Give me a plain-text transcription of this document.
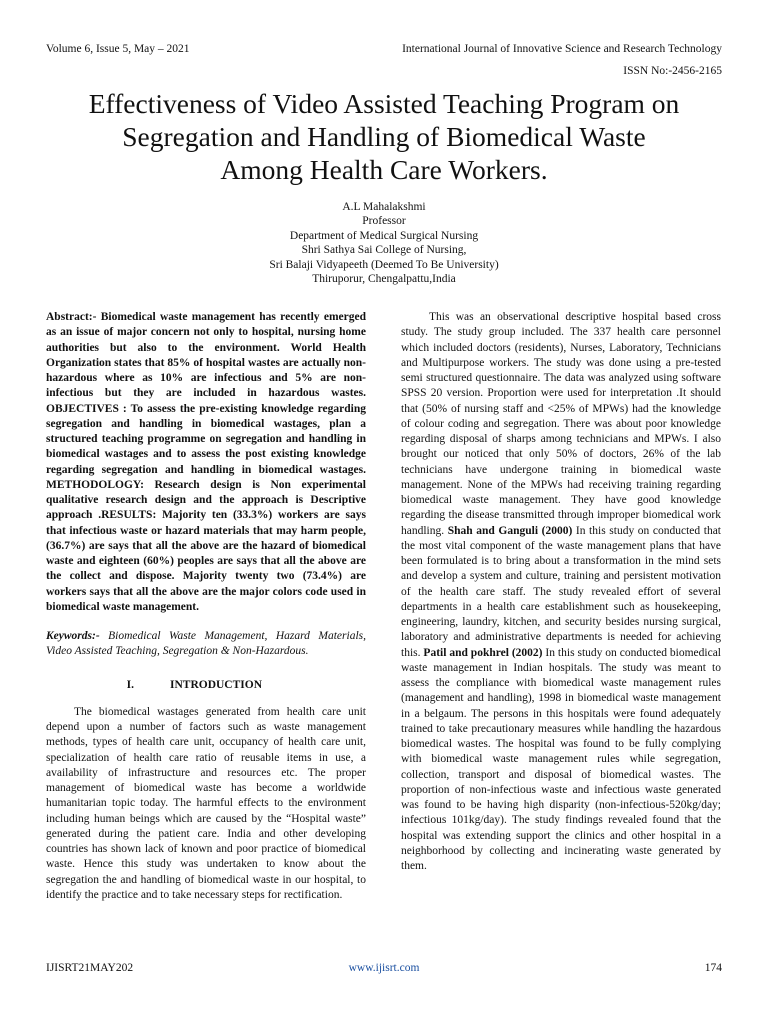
Volume 6, Issue 5, May – 2021	International Journal of Innovative Science and Research Technology
ISSN No:-2456-2165
Effectiveness of Video Assisted Teaching Program on
Segregation and Handling of Biomedical Waste
Among Health Care Workers.
A.L Mahalakshmi
Professor
Department of Medical Surgical Nursing
Shri Sathya Sai College of Nursing,
Sri Balaji Vidyapeeth (Deemed To Be University)
Thiruporur, Chengalpattu,India

Abstract:- Biomedical waste management has recently emerged as an issue of major concern not only to hospital, nursing home authorities but also to the environment. World Health Organization states that 85% of hospital wastes are actually non-hazardous where as 10% are infectious and 5% are non-infectious but they are included in hazardous wastes. OBJECTIVES : To assess the pre-existing knowledge regarding segregation and handling in biomedical wastages, plan a structured teaching programme on segregation and handling in biomedical wastages and to assess the post existing knowledge regarding segregation and handling in biomedical wastages. METHODOLOGY: Research design is Non experimental qualitative research design and the approach is Descriptive approach .RESULTS: Majority ten (33.3%) workers are says that infectious waste or hazard materials that may harm people, (36.7%) are says that all the above are the hazard of biomedical waste and eighteen (60%) peoples are says that all the above are the collect and dispose. Majority twenty two (73.4%) are workers says that all the above are the major colors code used in biomedical waste management.

Keywords:- Biomedical Waste Management, Hazard Materials, Video Assisted Teaching, Segregation & Non-Hazardous.

I.	INTRODUCTION

The biomedical wastages generated from health care unit depend upon a number of factors such as waste management methods, types of health care unit, occupancy of health care unit, specialization of health care ratio of reusable items in use, a availability of infrastructure and resources etc. The proper management of biomedical waste has become a worldwide humanitarian topic today. The harmful effects to the environment including human beings which are caused by the “Hospital waste” generated during the patient care. India and other developing countries has shown lack of known and poor practice of biomedical waste. Hence this study was undertaken to know about the segregation the and handling of biomedical waste in our hospital, to identify the practice and to take necessary steps for rectification.

This was an observational descriptive hospital based cross study. The study group included. The 337 health care personnel which included doctors (residents), Nurses, Laboratory, Technicians and Multipurpose workers. The study was done using a pre-tested semi structured questionnaire. The data was analyzed using software SPSS 20 version. Proportion were used for interpretation .It should that (50% of nursing staff and <25% of MPWs) had the knowledge of colour coding and segregation. There was about poor knowledge regarding disposal of sharps among technicians and MPWs. I also brought our noticed that only 50% of doctors, 26% of the lab technicians have undergone training in biomedical waste management. None of the MPWs had receiving training regarding biomedical waste management. They have good knowledge regarding the disease transmitted through improper biomedical work handling. Shah and Ganguli (2000) In this study on conducted that the most vital component of the waste management plans that have been formulated is to bring about a transformation in the mind sets and develop a system and culture, training and persistent motivation of the health care staff. The study revealed effort of several departments in a health care establishment such as housekeeping, engineering, laundry, kitchen, and security besides nursing surgical, laboratory and administrative departments is needed for achieving this. Patil and pokhrel (2002) In this study on conducted biomedical waste management in Indian hospitals. The study was meant to assess the compliance with biomedical waste management rules (management and handling), 1998 in biomedical waste management in a belgaum. The persons in this hospitals were found adequately trained to take precautionary measures while handling the hazardous biomedical wastes. The hospital was found to be fully complying with biomedical waste management rules while segregation, collection, transport and disposal of biomedical wastes. The proportion of non-infectious waste and infectious waste generated was found to be having high disparity (non-infectious-520kg/day; infectious 101kg/day). The study findings revealed found that the hospital was extending support the clinics and other hospital in a neighborhood by collecting and incinerating waste generated by them.

IJISRT21MAY202	www.ijisrt.com	174
